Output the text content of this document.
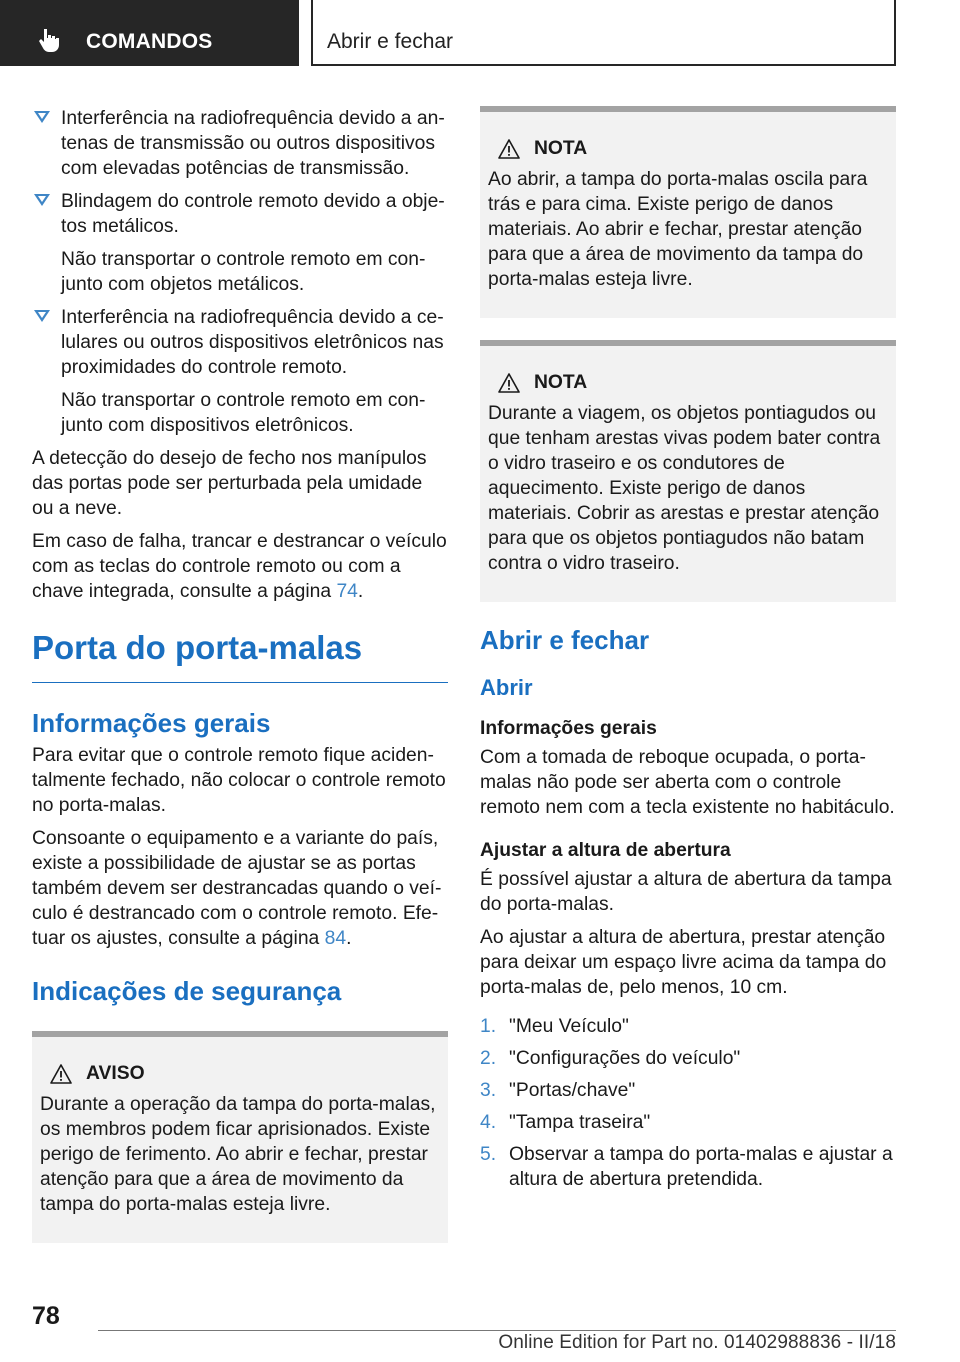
COMANDOS	Abrir e fechar

Interferência na radiofrequência devido a antenas de transmissão ou outros dispositivos com elevadas potências de transmissão.

Blindagem do controle remoto devido a objetos metálicos.

Não transportar o controle remoto em conjunto com objetos metálicos.

Interferência na radiofrequência devido a celulares ou outros dispositivos eletrônicos nas proximidades do controle remoto.

Não transportar o controle remoto em conjunto com dispositivos eletrônicos.

A detecção do desejo de fecho nos manípulos das portas pode ser perturbada pela umidade ou a neve.

Em caso de falha, trancar e destrancar o veículo com as teclas do controle remoto ou com a chave integrada, consulte a página 74.

Porta do porta-malas
Informações gerais

Para evitar que o controle remoto fique acidentalmente fechado, não colocar o controle remoto no porta-malas.

Consoante o equipamento e a variante do país, existe a possibilidade de ajustar se as portas também devem ser destrancadas quando o veículo é destrancado com o controle remoto. Efetuar os ajustes, consulte a página 84.

Indicações de segurança
AVISO

Durante a operação da tampa do porta-malas, os membros podem ficar aprisionados. Existe perigo de ferimento. Ao abrir e fechar, prestar atenção para que a área de movimento da tampa do porta-malas esteja livre.

NOTA

Ao abrir, a tampa do porta-malas oscila para trás e para cima. Existe perigo de danos materiais. Ao abrir e fechar, prestar atenção para que a área de movimento da tampa do porta-malas esteja livre.

NOTA

Durante a viagem, os objetos pontiagudos ou que tenham arestas vivas podem bater contra o vidro traseiro e os condutores de aquecimento. Existe perigo de danos materiais. Cobrir as arestas e prestar atenção para que os objetos pontiagudos não batam contra o vidro traseiro.

Abrir e fechar
Abrir

Informações gerais

Com a tomada de reboque ocupada, o porta-malas não pode ser aberta com o controle remoto nem com a tecla existente no habitáculo.

Ajustar a altura de abertura

É possível ajustar a altura de abertura da tampa do porta-malas.

Ao ajustar a altura de abertura, prestar atenção para deixar um espaço livre acima da tampa do porta-malas de, pelo menos, 10 cm.

1. "Meu Veículo"
2. "Configurações do veículo"
3. "Portas/chave"
4. "Tampa traseira"
5. Observar a tampa do porta-malas e ajustar a altura de abertura pretendida.
78
Online Edition for Part no. 01402988836 - II/18
